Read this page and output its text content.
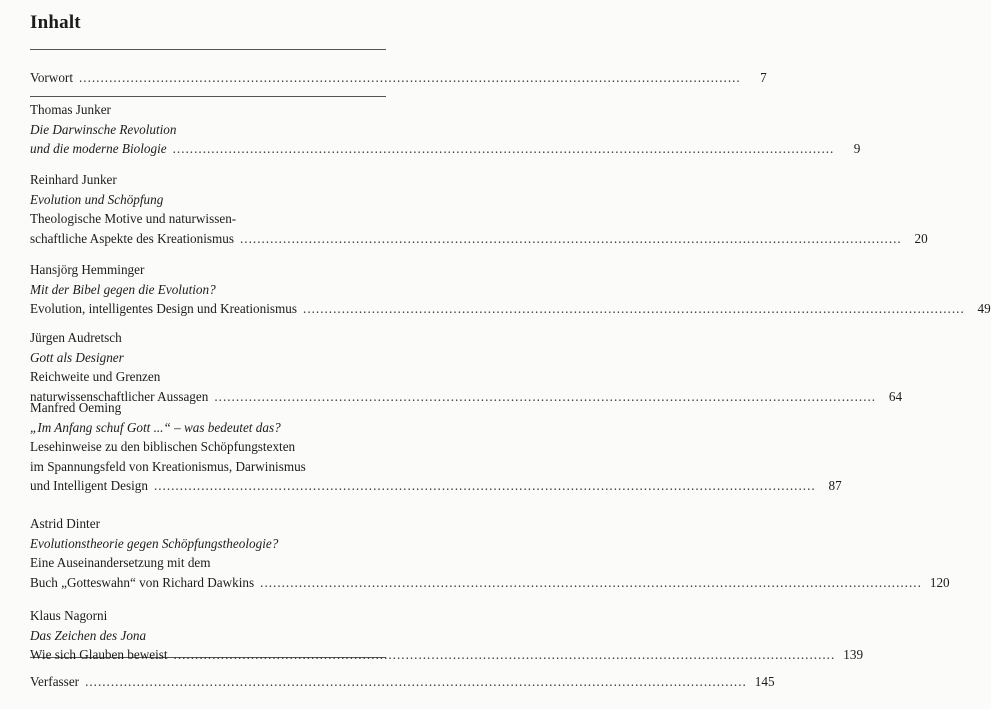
Inhalt
Vorwort ..........................................................................................................................................................	7
Thomas Junker
Die Darwinsche Revolution
und die moderne Biologie ..........................................................................................................................................................	9
Reinhard Junker
Evolution und Schöpfung
Theologische Motive und naturwissen-
schaftliche Aspekte des Kreationismus .......................................................................................................................................................... 20
Hansjörg Hemminger
Mit der Bibel gegen die Evolution?
Evolution, intelligentes Design und Kreationismus .......................................................................................................................................................... 49
Jürgen Audretsch
Gott als Designer
Reichweite und Grenzen
naturwissenschaftlicher Aussagen .......................................................................................................................................................... 64
Manfred Oeming
„Im Anfang schuf Gott ...“ – was bedeutet das?
Lesehinweise zu den biblischen Schöpfungstexten
im Spannungsfeld von Kreationismus, Darwinismus
und Intelligent Design .......................................................................................................................................................... 87
Astrid Dinter
Evolutionstheorie gegen Schöpfungstheologie?
Eine Auseinandersetzung mit dem
Buch „Gotteswahn“ von Richard Dawkins .......................................................................................................................................................... 120
Klaus Nagorni
Das Zeichen des Jona
Wie sich Glauben beweist .......................................................................................................................................................... 139
Verfasser .......................................................................................................................................................... 145
